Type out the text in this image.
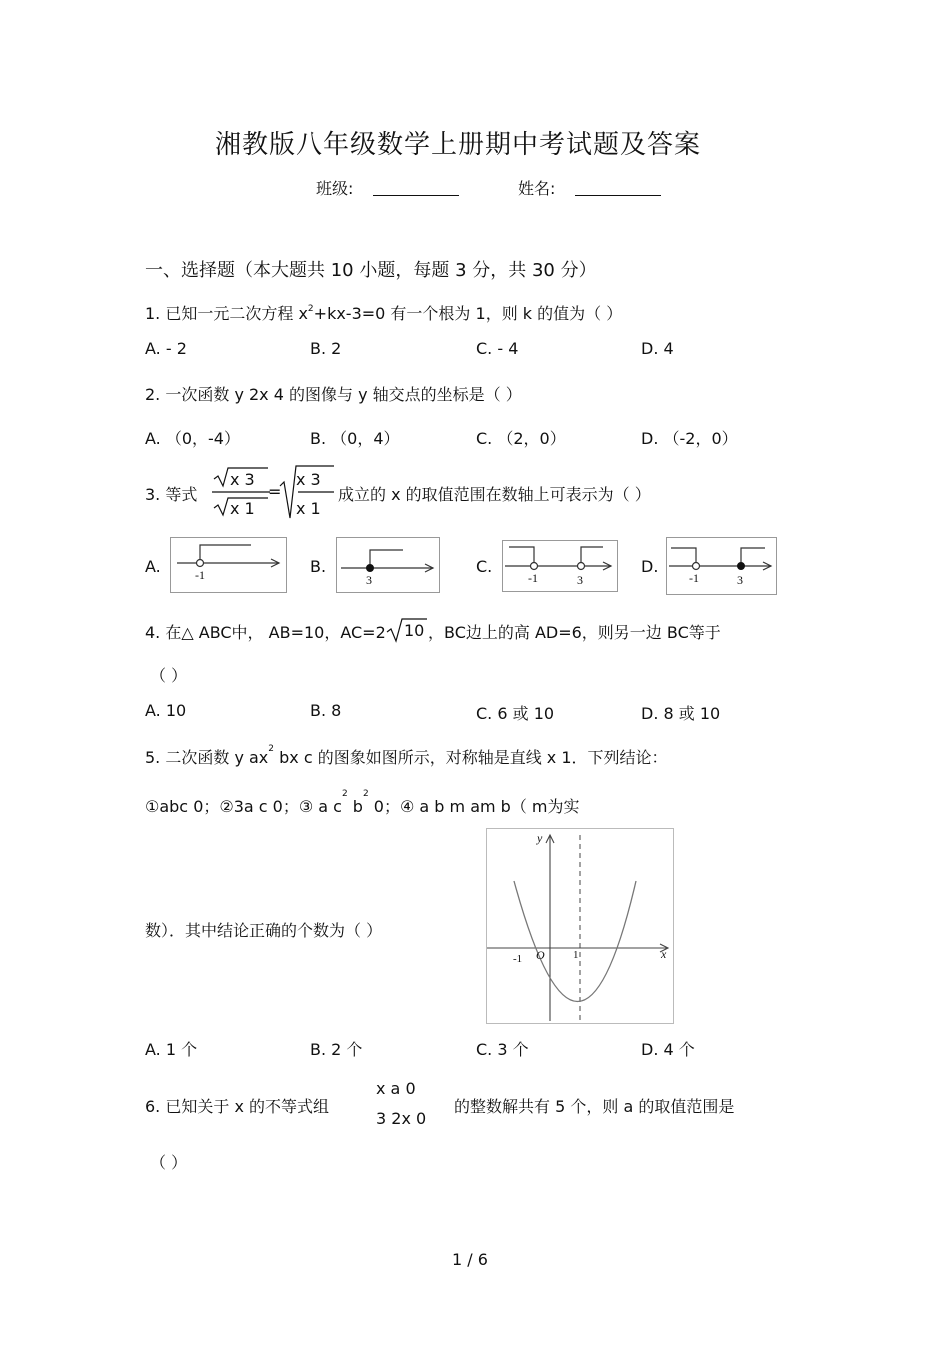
湘教版八年级数学上册期中考试题及答案
班级:	姓名:
一、选择题（本大题共 10 小题，每题 3 分，共 30 分）
1. 已知一元二次方程 $x^2+kx-3=0$ 有一个根为 1，则 k 的值为（ ）
A. - 2	B. 2	C. - 4	D. 4
2. 一次函数 y 2x 4 的图像与 y 轴交点的坐标是（ ）
A. （0，-4）	B. （0，4）	C. （2，0）	D. （-2，0）
3. 等式
x 3
x 1
=
x 3
x 1
成立的 x 的取值范围在数轴上可表示为（ ）
A.	B.	C.	D.
-1	3	-1	3	-1	3
4. 在△ ABC中， AB=10，AC=2 10 ，BC边上的高 AD=6，则另一边 BC等于
（ ）
A. 10	B. 8	C. 6 或 10	D. 8 或 10
5. 二次函数 y $ax^2$ bx c 的图象如图所示，对称轴是直线 x 1．下列结论：
①abc 0；②3a c 0；③ a $c^2$ $b^2$ 0；④ a b m am b（ m为实
数）．其中结论正确的个数为（ ）
y
x
O
-1	1
A. 1 个	B. 2 个	C. 3 个	D. 4 个
6. 已知关于 x 的不等式组
x a 0
3 2x 0
的整数解共有 5 个，则 a 的取值范围是
（ ）
1 / 6
